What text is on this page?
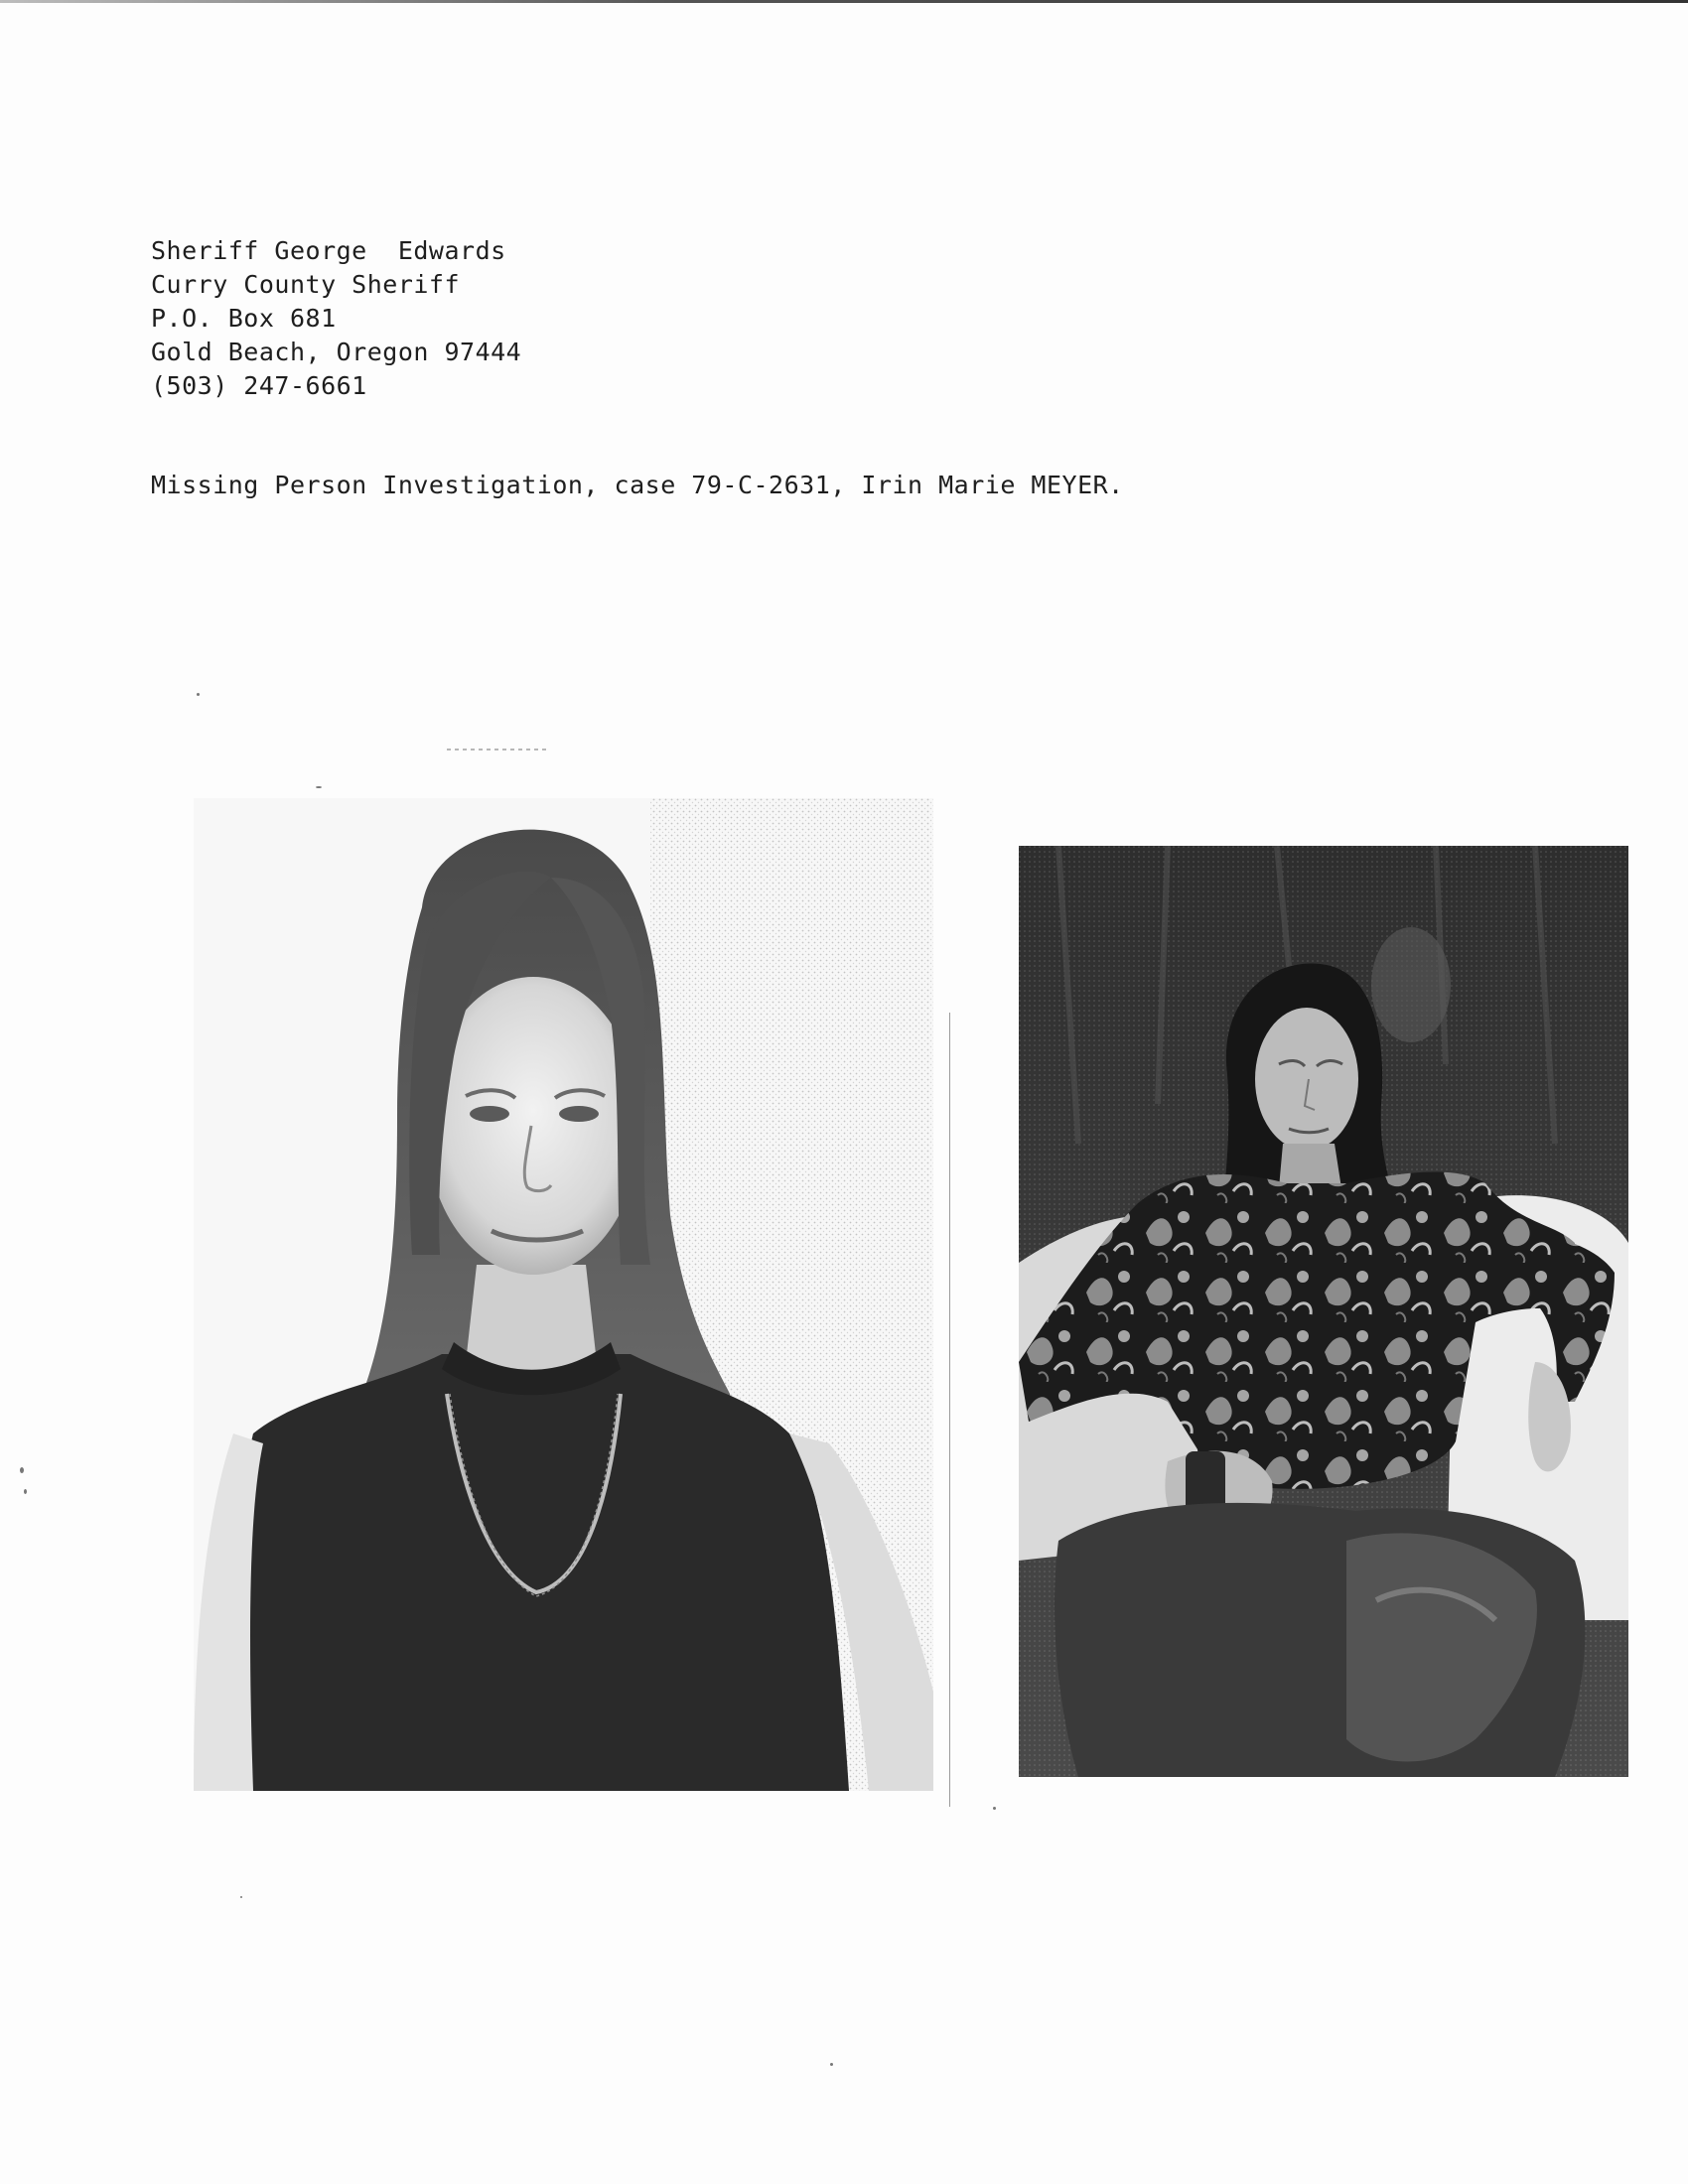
Sheriff George  Edwards
Curry County Sheriff
P.O. Box 681
Gold Beach, Oregon 97444
(503) 247-6661
Missing Person Investigation, case 79-C-2631, Irin Marie MEYER.
